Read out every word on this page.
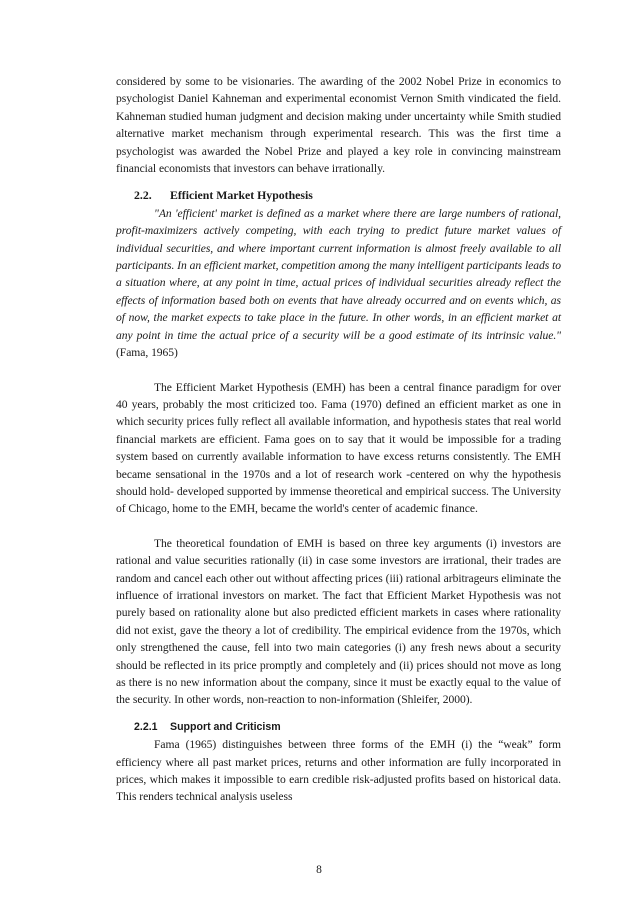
considered by some to be visionaries. The awarding of the 2002 Nobel Prize in economics to psychologist Daniel Kahneman and experimental economist Vernon Smith vindicated the field. Kahneman studied human judgment and decision making under uncertainty while Smith studied alternative market mechanism through experimental research. This was the first time a psychologist was awarded the Nobel Prize and played a key role in convincing mainstream financial economists that investors can behave irrationally.

2.2. Efficient Market Hypothesis

"An 'efficient' market is defined as a market where there are large numbers of rational, profit-maximizers actively competing, with each trying to predict future market values of individual securities, and where important current information is almost freely available to all participants. In an efficient market, competition among the many intelligent participants leads to a situation where, at any point in time, actual prices of individual securities already reflect the effects of information based both on events that have already occurred and on events which, as of now, the market expects to take place in the future. In other words, in an efficient market at any point in time the actual price of a security will be a good estimate of its intrinsic value." (Fama, 1965)

The Efficient Market Hypothesis (EMH) has been a central finance paradigm for over 40 years, probably the most criticized too. Fama (1970) defined an efficient market as one in which security prices fully reflect all available information, and hypothesis states that real world financial markets are efficient. Fama goes on to say that it would be impossible for a trading system based on currently available information to have excess returns consistently. The EMH became sensational in the 1970s and a lot of research work -centered on why the hypothesis should hold- developed supported by immense theoretical and empirical success. The University of Chicago, home to the EMH, became the world's center of academic finance.

The theoretical foundation of EMH is based on three key arguments (i) investors are rational and value securities rationally (ii) in case some investors are irrational, their trades are random and cancel each other out without affecting prices (iii) rational arbitrageurs eliminate the influence of irrational investors on market. The fact that Efficient Market Hypothesis was not purely based on rationality alone but also predicted efficient markets in cases where rationality did not exist, gave the theory a lot of credibility. The empirical evidence from the 1970s, which only strengthened the cause, fell into two main categories (i) any fresh news about a security should be reflected in its price promptly and completely and (ii) prices should not move as long as there is no new information about the company, since it must be exactly equal to the value of the security. In other words, non-reaction to non-information (Shleifer, 2000).

2.2.1 Support and Criticism

Fama (1965) distinguishes between three forms of the EMH (i) the “weak” form efficiency where all past market prices, returns and other information are fully incorporated in prices, which makes it impossible to earn credible risk-adjusted profits based on historical data. This renders technical analysis useless

8
